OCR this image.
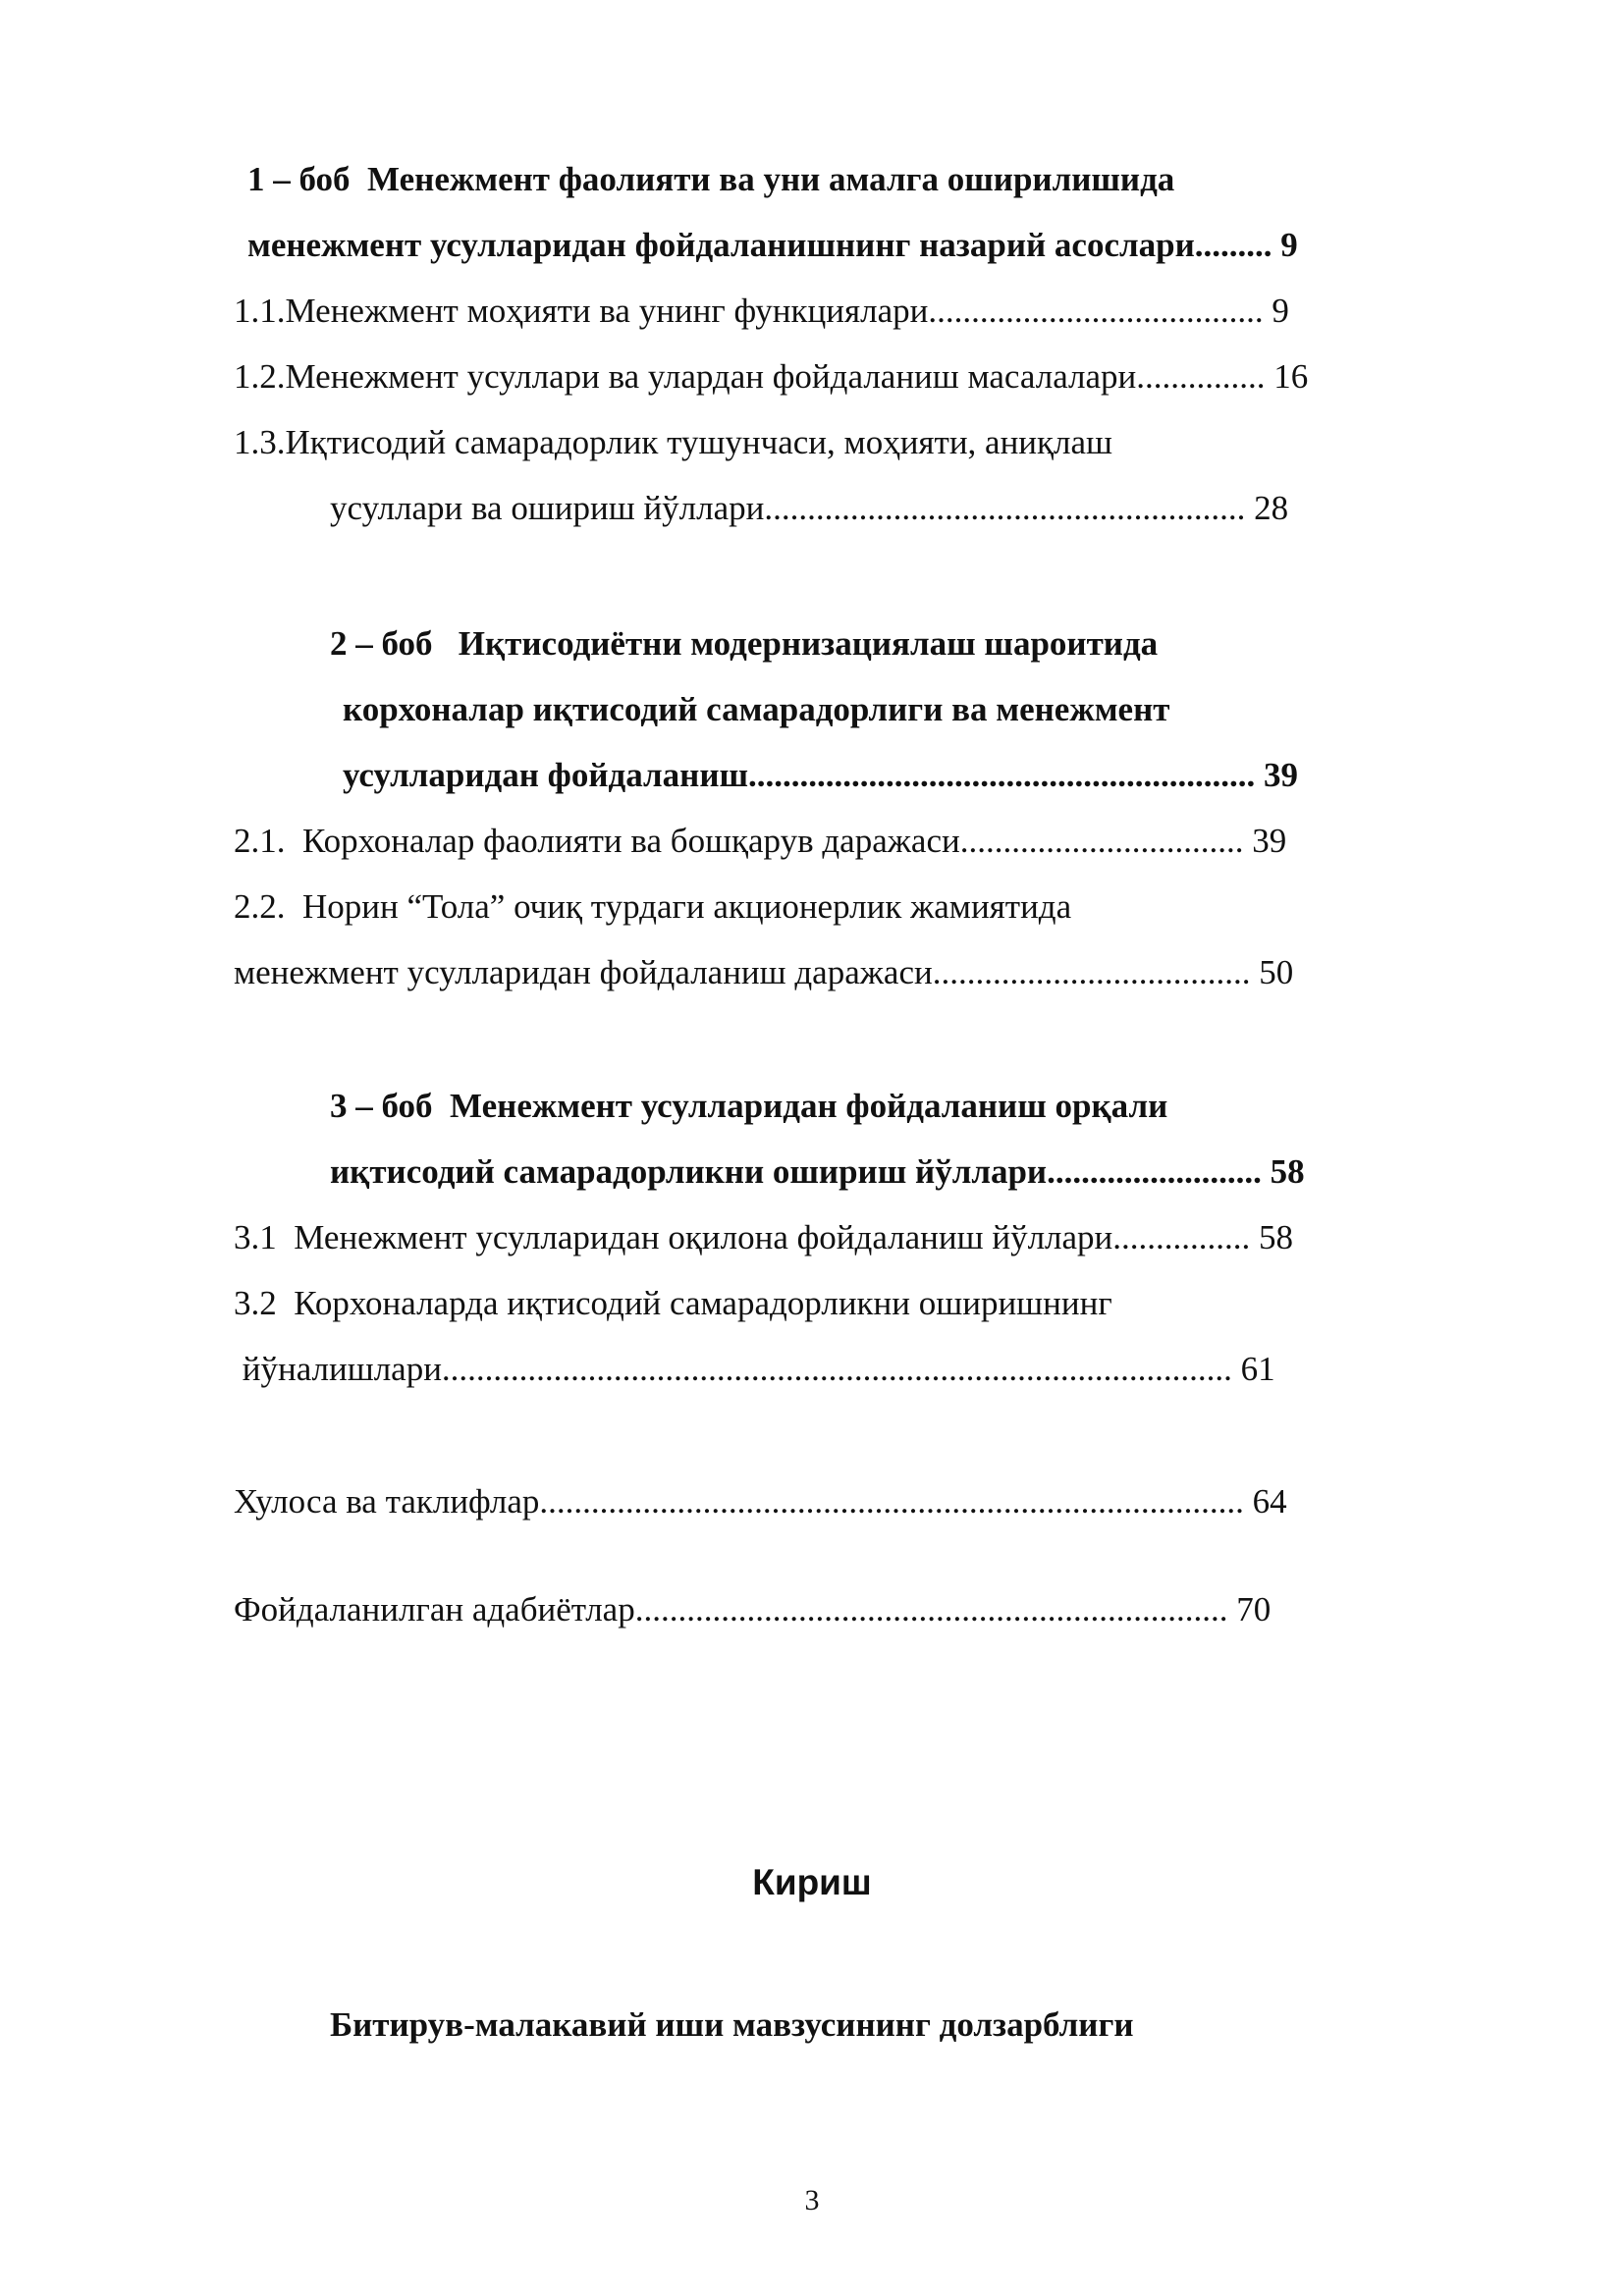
1 – боб  Менежмент фаолияти ва уни амалга оширилишида
менежмент усулларидан фойдаланишнинг назарий асослари......... 9
1.1.Менежмент моҳияти ва унинг функциялари....................................... 9
1.2.Менежмент усуллари ва улардан фойдаланиш масалалари............... 16
1.3.Иқтисодий самарадорлик тушунчаси, моҳияти, аниқлаш
усуллари ва ошириш йўллари........................................................ 28
2 – боб   Иқтисодиётни модернизациялаш шароитида
корхоналар иқтисодий самарадорлиги ва менежмент
усулларидан фойдаланиш........................................................... 39
2.1.  Корхоналар фаолияти ва бошқарув даражаси................................. 39
2.2.  Норин “Тола” очиқ турдаги акционерлик жамиятида
менежмент усулларидан фойдаланиш даражаси..................................... 50
3 – боб  Менежмент усулларидан фойдаланиш орқали
иқтисодий самарадорликни ошириш йўллари......................... 58
3.1  Менежмент усулларидан оқилона фойдаланиш йўллари................ 58
3.2  Корхоналарда иқтисодий самарадорликни оширишнинг
йўналишлари............................................................................................ 61
Хулоса ва таклифлар.................................................................................. 64
Фойдаланилган адабиётлар..................................................................... 70
Кириш
Битирув-малакавий иши мавзусининг долзарблиги
3
